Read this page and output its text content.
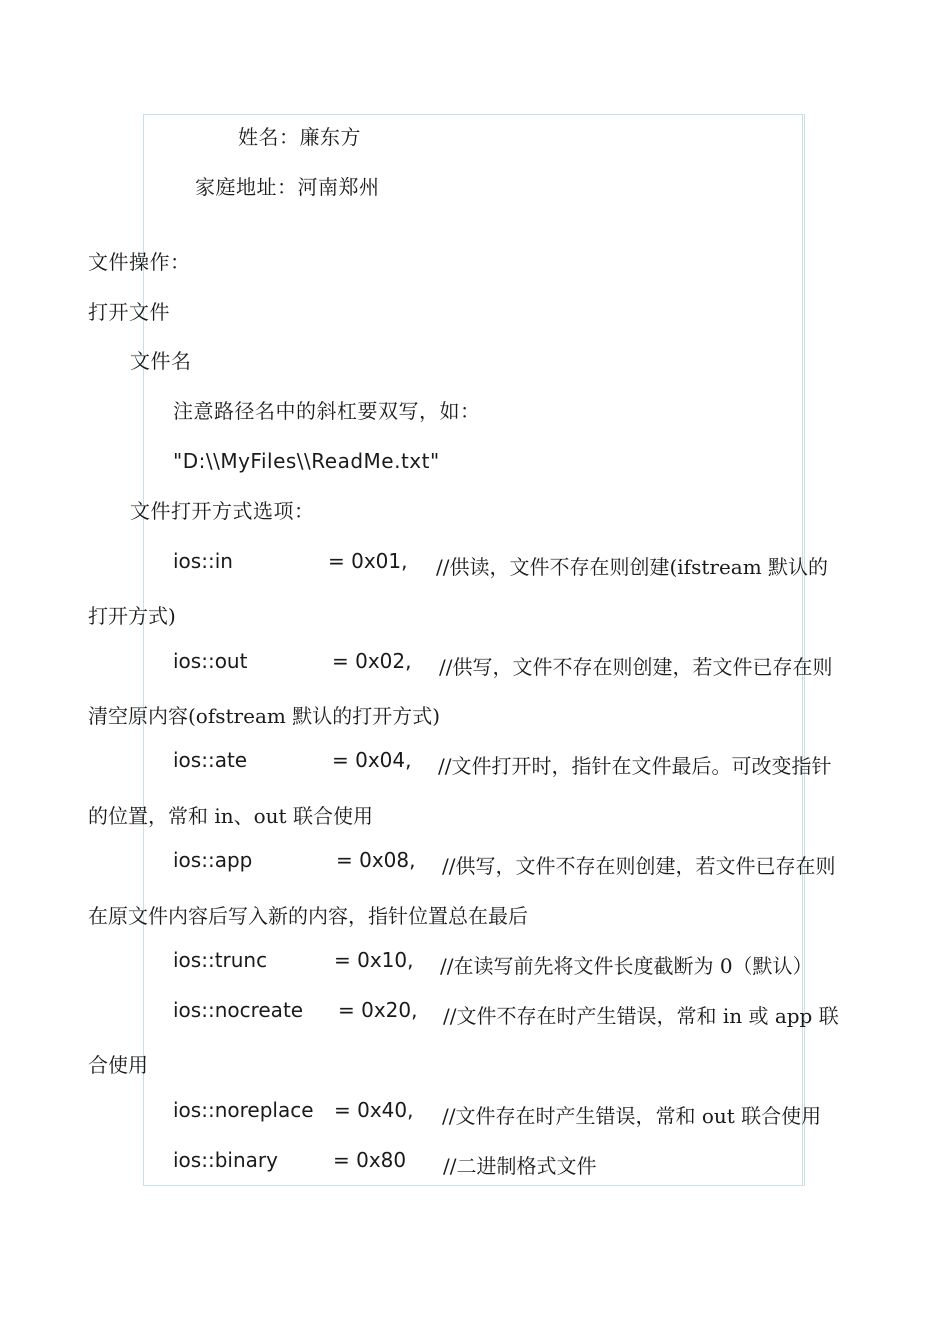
姓名：廉东方
家庭地址：河南郑州
文件操作：
打开文件
文件名
注意路径名中的斜杠要双写，如：
"D:\\MyFiles\\ReadMe.txt"
文件打开方式选项：
ios::in	= 0x01, //供读，文件不存在则创建(ifstream 默认的
打开方式)
ios::out	= 0x02, //供写，文件不存在则创建，若文件已存在则
清空原内容(ofstream 默认的打开方式)
ios::ate	= 0x04, //文件打开时，指针在文件最后。可改变指针
的位置，常和 in、out 联合使用
ios::app	= 0x08, //供写，文件不存在则创建，若文件已存在则
在原文件内容后写入新的内容，指针位置总在最后
ios::trunc	= 0x10, //在读写前先将文件长度截断为 0（默认）
ios::nocreate = 0x20, //文件不存在时产生错误，常和 in 或 app 联
合使用
ios::noreplace = 0x40, //文件存在时产生错误，常和 out 联合使用
ios::binary	= 0x80 //二进制格式文件
